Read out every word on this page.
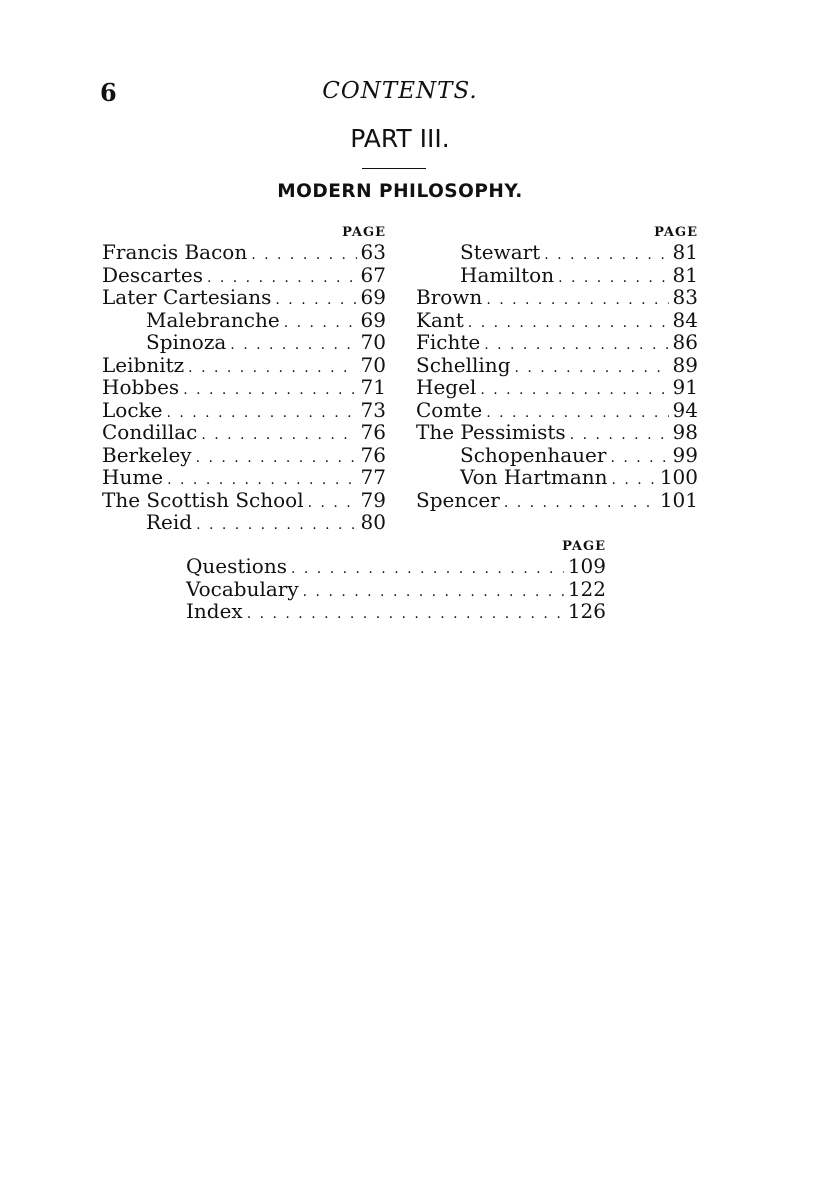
6	CONTENTS.
PART III.
MODERN PHILOSOPHY.
PAGE
Francis Bacon . . .	63
Descartes . . .	67
Later Cartesians . . .	69
Malebranche . . .	69
Spinoza . . .	70
Leibnitz . . .	70
Hobbes . . .	71
Locke . . .	73
Condillac . . .	76
Berkeley . . .	76
Hume . . .	77
The Scottish School . . .	79
Reid . . .	80
PAGE
Stewart . . .	81
Hamilton . . .	81
Brown . . .	83
Kant . . .	84
Fichte . . .	86
Schelling . . .	89
Hegel . . .	91
Comte . . .	94
The Pessimists . . .	98
Schopenhauer . . .	99
Von Hartmann . . .	100
Spencer . . .	101
PAGE
Questions . . .	109
Vocabulary . . .	122
Index . . .	126
